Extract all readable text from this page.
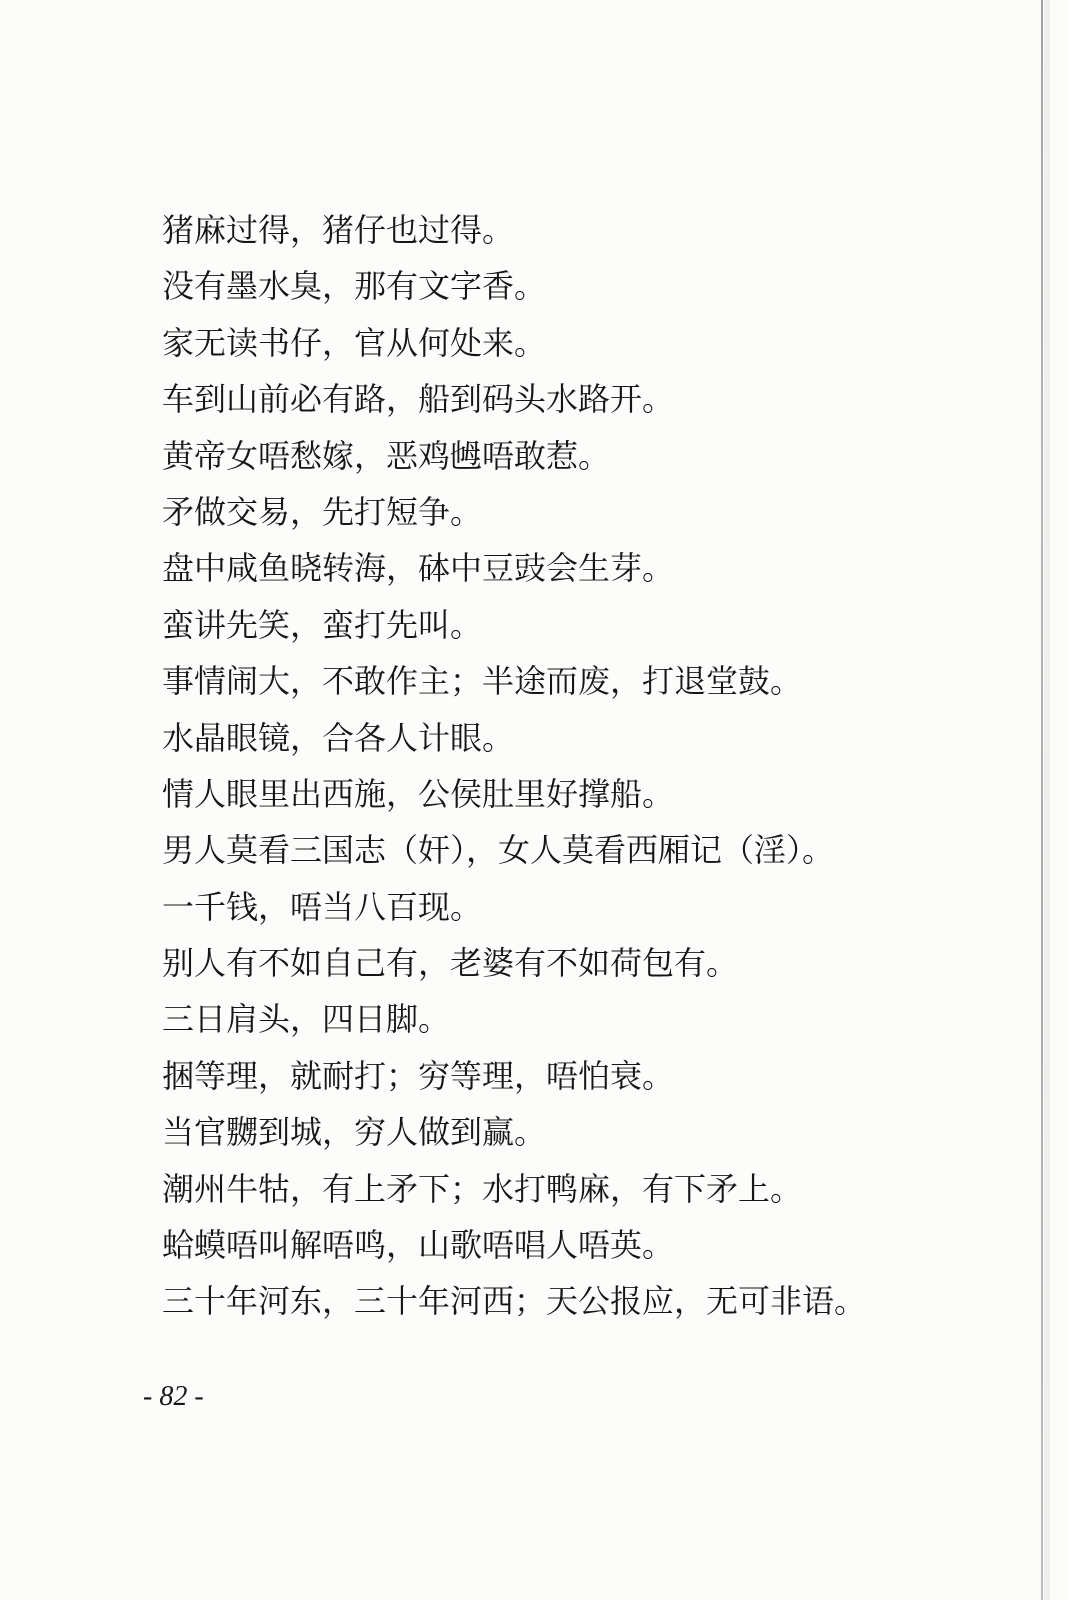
猪麻过得，猪仔也过得。
没有墨水臭，那有文字香。
家无读书仔，官从何处来。
车到山前必有路，船到码头水路开。
黄帝女唔愁嫁，恶鸡乸唔敢惹。
矛做交易，先打短争。
盘中咸鱼晓转海，砵中豆豉会生芽。
蛮讲先笑，蛮打先叫。
事情闹大，不敢作主；半途而废，打退堂鼓。
水晶眼镜，合各人计眼。
情人眼里出西施，公侯肚里好撑船。
男人莫看三国志（奸），女人莫看西厢记（淫）。
一千钱，唔当八百现。
别人有不如自己有，老婆有不如荷包有。
三日肩头，四日脚。
捆等理，就耐打；穷等理，唔怕衰。
当官嬲到城，穷人做到赢。
潮州牛牯，有上矛下；水打鸭麻，有下矛上。
蛤蟆唔叫解唔鸣，山歌唔唱人唔英。
三十年河东，三十年河西；天公报应，无可非语。
- 82 -
